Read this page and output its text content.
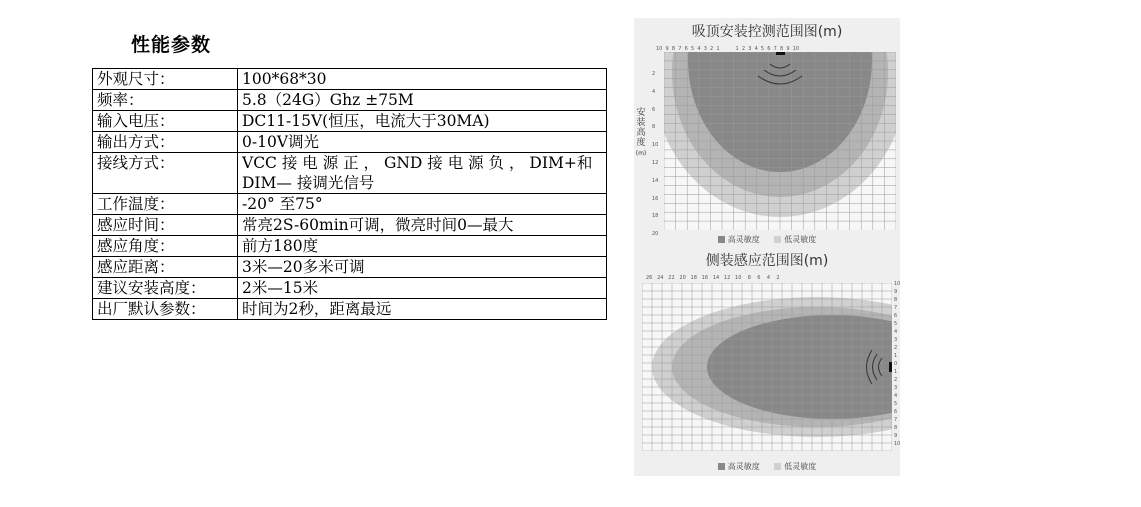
性能参数
外观尺寸：	100*68*30
频率：	5.8（24G）Ghz ±75M
输入电压：	DC11-15V(恒压，电流大于30MA)
输出方式：	0-10V调光
接线方式：	VCC 接 电 源 正 ， GND 接 电 源 负 ， DIM+和DIM— 接调光信号
工作温度：	-20° 至75°
感应时间：	常亮2S-60min可调，微亮时间0—最大
感应角度：	前方180度
感应距离：	3米—20多米可调
建议安装高度：	2米—15米
出厂默认参数：	时间为2秒，距离最远
吸顶安装控测范围图(m)
10  9  8  7  6  5  4  3  2  1          1  2  3  4  5  6  7  8  9  10
安装高度
(m)
2
4
6
8
10
12
14
16
18
20
高灵敏度	低灵敏度
侧装感应范围图(m)
26   24   22   20   18   16   14   12   10    8    6    4    2
10
9
8
7
6
5
4
3
2
1
0
1
2
3
4
5
6
7
8
9
10
高灵敏度	低灵敏度
